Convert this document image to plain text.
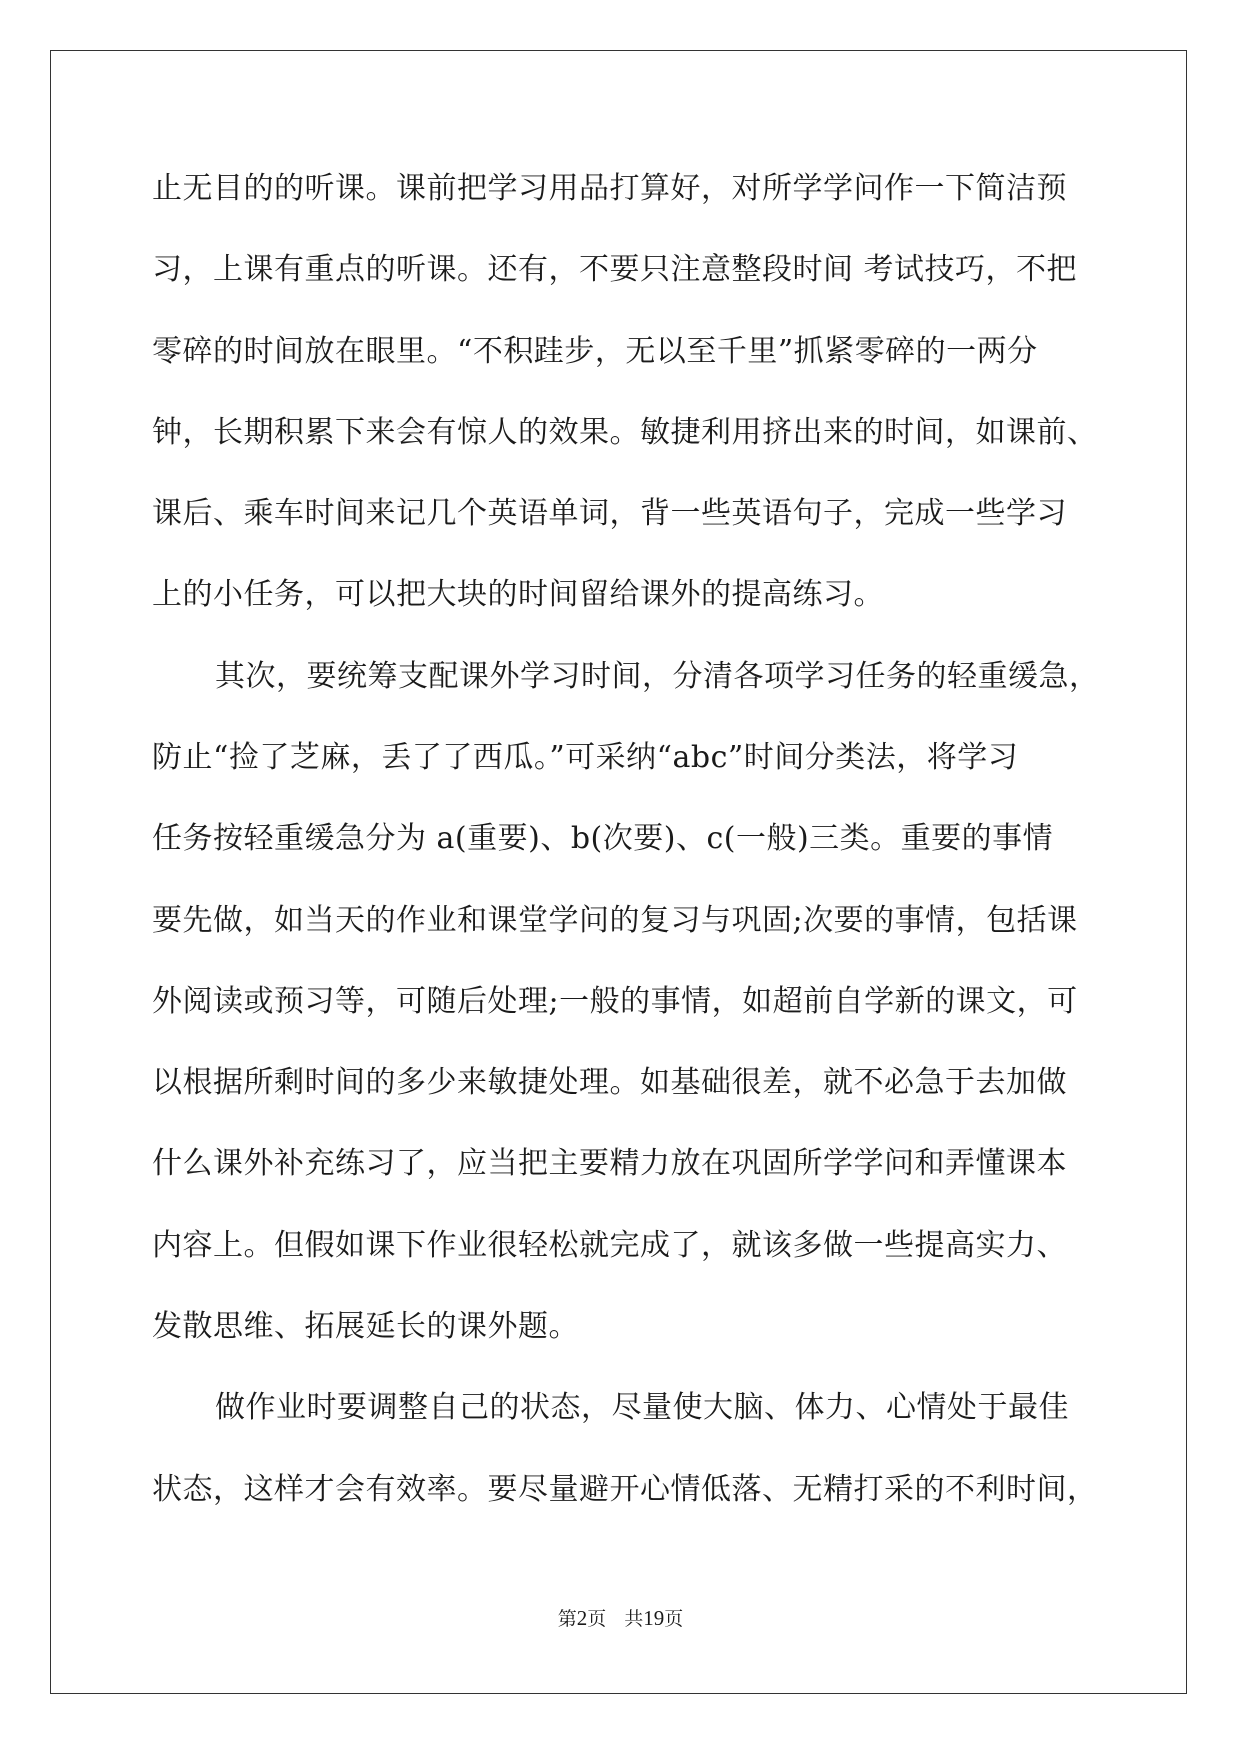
止无目的的听课。课前把学习用品打算好，对所学学问作一下简洁预
习，上课有重点的听课。还有，不要只注意整段时间 考试技巧，不把
零碎的时间放在眼里。“不积跬步，无以至千里”抓紧零碎的一两分
钟，长期积累下来会有惊人的效果。敏捷利用挤出来的时间，如课前、
课后、乘车时间来记几个英语单词，背一些英语句子，完成一些学习
上的小任务，可以把大块的时间留给课外的提高练习。
其次，要统筹支配课外学习时间，分清各项学习任务的轻重缓急，
防止“捡了芝麻，丢了了西瓜。”可采纳“abc”时间分类法，将学习
任务按轻重缓急分为 a(重要)、b(次要)、c(一般)三类。重要的事情
要先做，如当天的作业和课堂学问的复习与巩固;次要的事情，包括课
外阅读或预习等，可随后处理;一般的事情，如超前自学新的课文，可
以根据所剩时间的多少来敏捷处理。如基础很差，就不必急于去加做
什么课外补充练习了，应当把主要精力放在巩固所学学问和弄懂课本
内容上。但假如课下作业很轻松就完成了，就该多做一些提高实力、
发散思维、拓展延长的课外题。
做作业时要调整自己的状态，尽量使大脑、体力、心情处于最佳
状态，这样才会有效率。要尽量避开心情低落、无精打采的不利时间，
第2页 共19页
